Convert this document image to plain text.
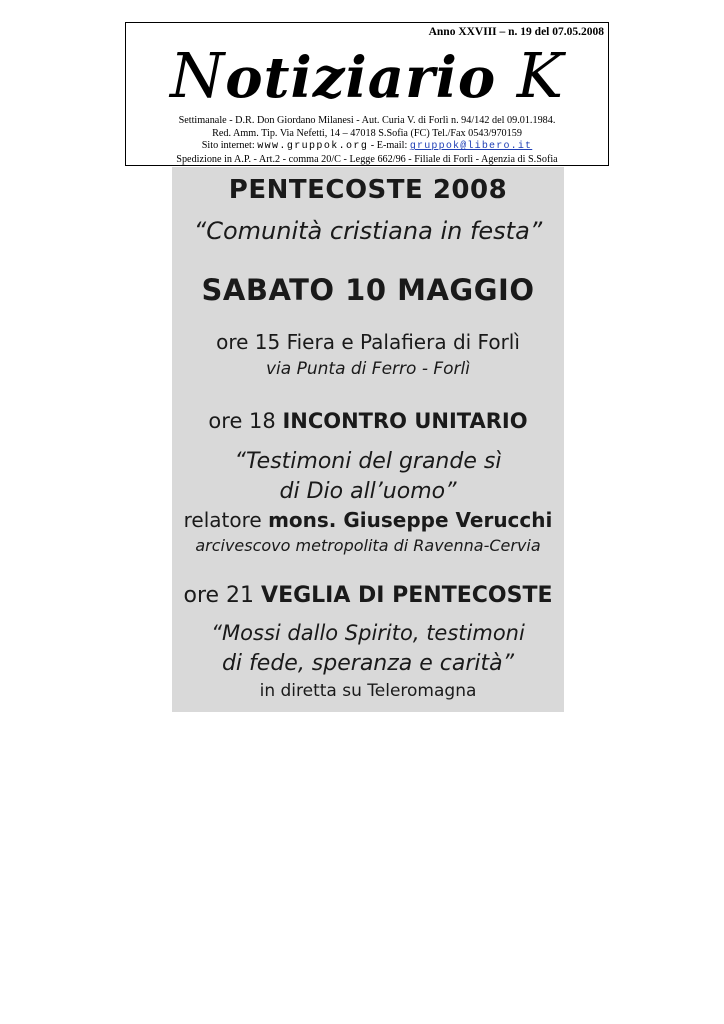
Anno XXVIII – n. 19 del 07.05.2008
Notiziario K
Settimanale - D.R. Don Giordano Milanesi - Aut. Curia V. di Forlì n. 94/142 del 09.01.1984.
Red. Amm. Tip. Via Nefetti, 14 – 47018 S.Sofia (FC) Tel./Fax 0543/970159
Sito internet: www.gruppok.org - E-mail: gruppok@libero.it
Spedizione in A.P. - Art.2 - comma 20/C - Legge 662/96 - Filiale di Forlì - Agenzia di S.Sofia
PENTECOSTE 2008
“Comunità cristiana in festa”
SABATO 10 MAGGIO
ore 15 Fiera e Palafiera di Forlì
via Punta di Ferro - Forlì
ore 18 INCONTRO UNITARIO
“Testimoni del grande sì
di Dio all’uomo”
relatore mons. Giuseppe Verucchi
arcivescovo metropolita di Ravenna-Cervia
ore 21 VEGLIA DI PENTECOSTE
“Mossi dallo Spirito, testimoni
di fede, speranza e carità”
in diretta su Teleromagna
